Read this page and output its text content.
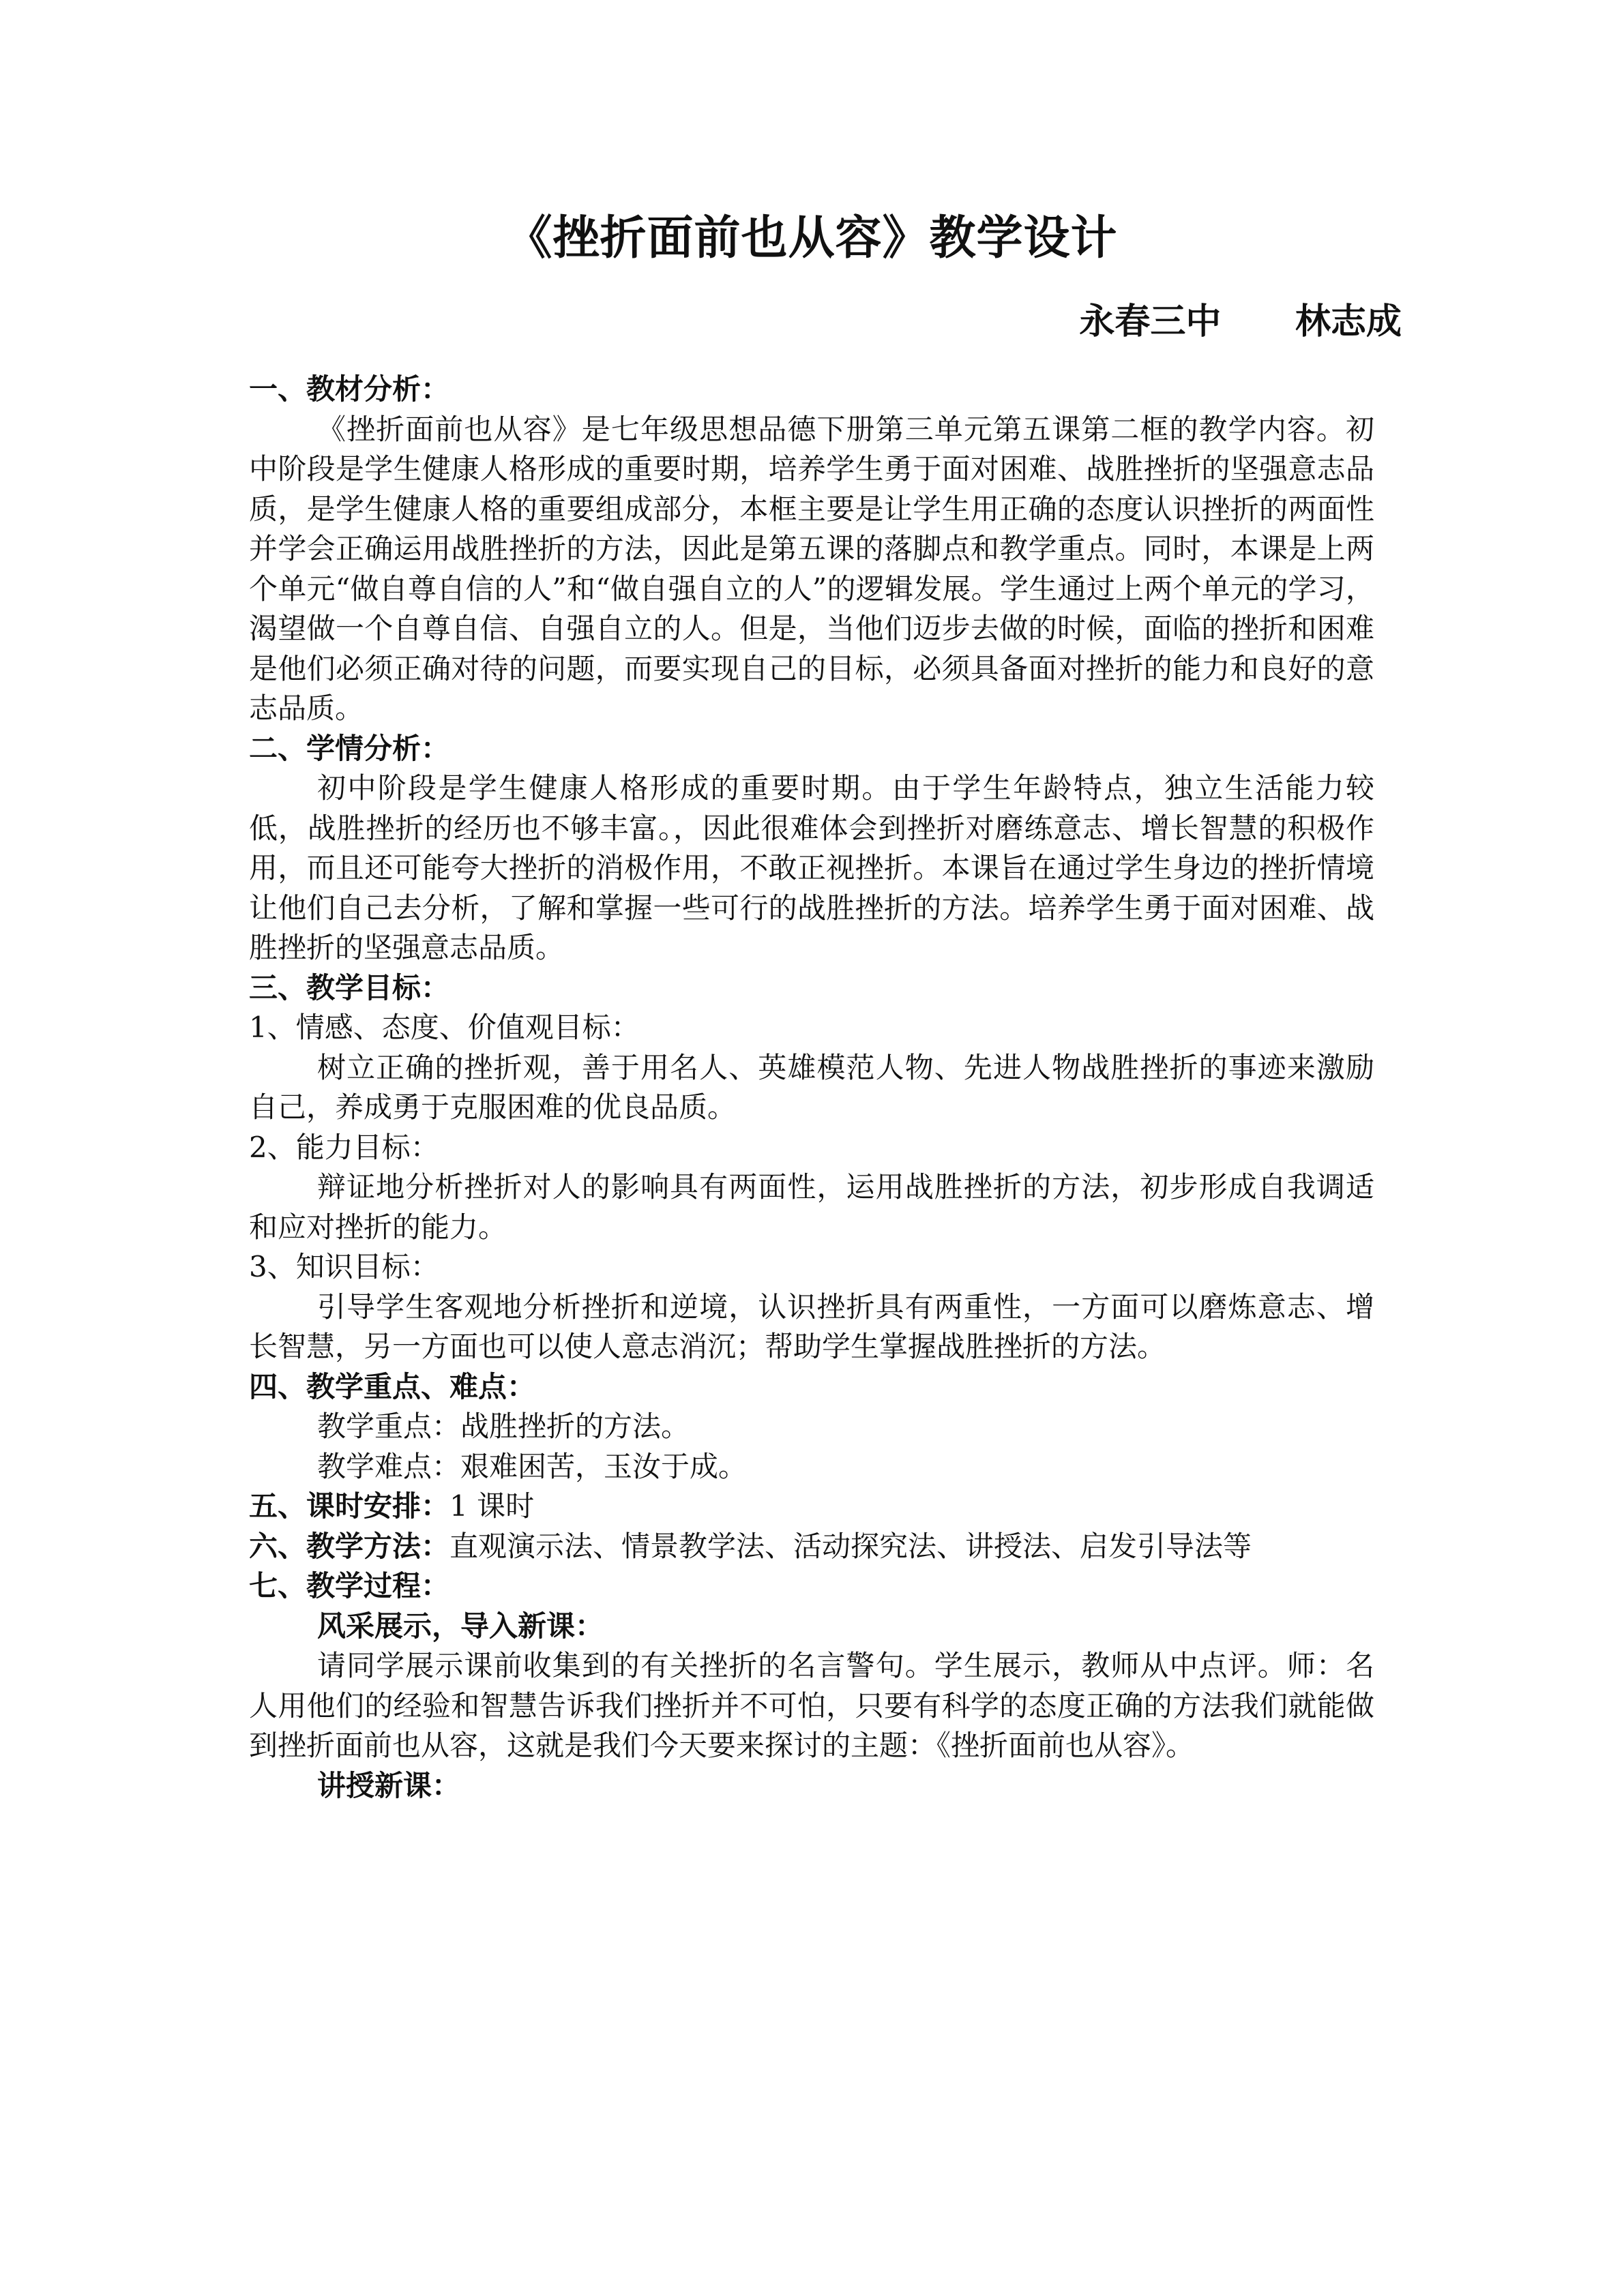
《挫折面前也从容》教学设计
永春三中      林志成

一、教材分析：

《挫折面前也从容》是七年级思想品德下册第三单元第五课第二框的教学内容。初中阶段是学生健康人格形成的重要时期，培养学生勇于面对困难、战胜挫折的坚强意志品质，是学生健康人格的重要组成部分，本框主要是让学生用正确的态度认识挫折的两面性并学会正确运用战胜挫折的方法，因此是第五课的落脚点和教学重点。同时，本课是上两个单元“做自尊自信的人”和“做自强自立的人”的逻辑发展。学生通过上两个单元的学习，渴望做一个自尊自信、自强自立的人。但是，当他们迈步去做的时候，面临的挫折和困难是他们必须正确对待的问题，而要实现自己的目标，必须具备面对挫折的能力和良好的意志品质。

二、学情分析：

初中阶段是学生健康人格形成的重要时期。由于学生年龄特点，独立生活能力较低，战胜挫折的经历也不够丰富。，因此很难体会到挫折对磨练意志、增长智慧的积极作用，而且还可能夸大挫折的消极作用，不敢正视挫折。本课旨在通过学生身边的挫折情境让他们自己去分析，了解和掌握一些可行的战胜挫折的方法。培养学生勇于面对困难、战胜挫折的坚强意志品质。

三、教学目标：

1、情感、态度、价值观目标：

树立正确的挫折观，善于用名人、英雄模范人物、先进人物战胜挫折的事迹来激励自己，养成勇于克服困难的优良品质。

2、能力目标：

辩证地分析挫折对人的影响具有两面性，运用战胜挫折的方法，初步形成自我调适和应对挫折的能力。

3、知识目标：

引导学生客观地分析挫折和逆境，认识挫折具有两重性，一方面可以磨炼意志、增长智慧，另一方面也可以使人意志消沉；帮助学生掌握战胜挫折的方法。

四、教学重点、难点：

教学重点：战胜挫折的方法。

教学难点：艰难困苦，玉汝于成。

五、课时安排：1 课时

六、教学方法：直观演示法、情景教学法、活动探究法、讲授法、启发引导法等

七、教学过程：

风采展示，导入新课：

请同学展示课前收集到的有关挫折的名言警句。学生展示，教师从中点评。师：名人用他们的经验和智慧告诉我们挫折并不可怕，只要有科学的态度正确的方法我们就能做到挫折面前也从容，这就是我们今天要来探讨的主题：《挫折面前也从容》。

讲授新课：
